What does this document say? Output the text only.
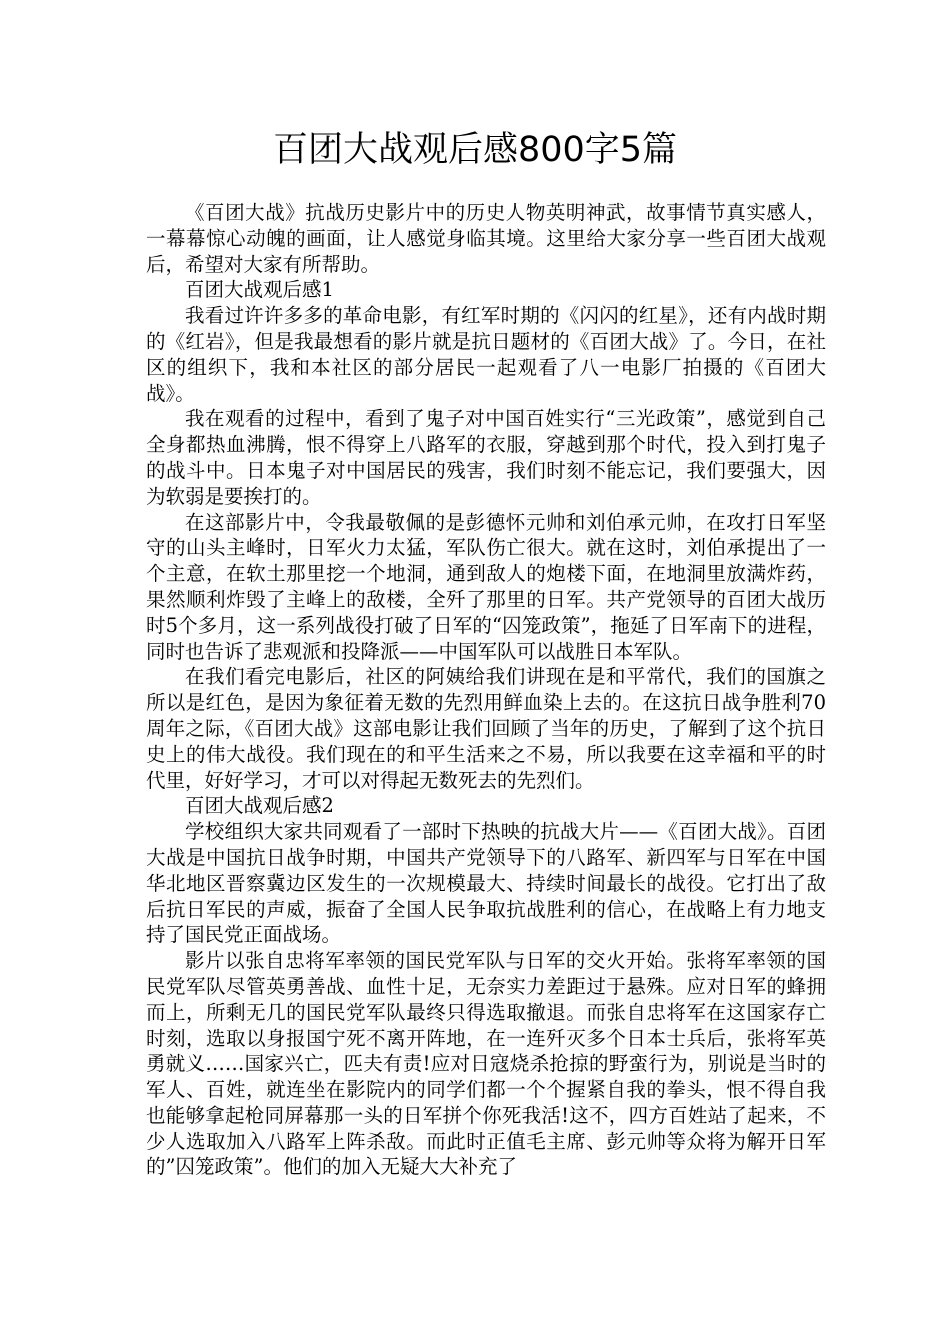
百团大战观后感800字5篇

《百团大战》抗战历史影片中的历史人物英明神武，故事情节真实感人，一幕幕惊心动魄的画面，让人感觉身临其境。这里给大家分享一些百团大战观后，希望对大家有所帮助。

百团大战观后感1

我看过许许多多的革命电影，有红军时期的《闪闪的红星》，还有内战时期的《红岩》，但是我最想看的影片就是抗日题材的《百团大战》了。今日，在社区的组织下，我和本社区的部分居民一起观看了八一电影厂拍摄的《百团大战》。

我在观看的过程中，看到了鬼子对中国百姓实行“三光政策”，感觉到自己全身都热血沸腾，恨不得穿上八路军的衣服，穿越到那个时代，投入到打鬼子的战斗中。日本鬼子对中国居民的残害，我们时刻不能忘记，我们要强大，因为软弱是要挨打的。

在这部影片中，令我最敬佩的是彭德怀元帅和刘伯承元帅，在攻打日军坚守的山头主峰时，日军火力太猛，军队伤亡很大。就在这时，刘伯承提出了一个主意，在软土那里挖一个地洞，通到敌人的炮楼下面，在地洞里放满炸药，果然顺利炸毁了主峰上的敌楼，全歼了那里的日军。共产党领导的百团大战历时5个多月，这一系列战役打破了日军的“囚笼政策”，拖延了日军南下的进程，同时也告诉了悲观派和投降派——中国军队可以战胜日本军队。

在我们看完电影后，社区的阿姨给我们讲现在是和平常代，我们的国旗之所以是红色，是因为象征着无数的先烈用鲜血染上去的。在这抗日战争胜利70周年之际，《百团大战》这部电影让我们回顾了当年的历史，了解到了这个抗日史上的伟大战役。我们现在的和平生活来之不易，所以我要在这幸福和平的时代里，好好学习，才可以对得起无数死去的先烈们。

百团大战观后感2

学校组织大家共同观看了一部时下热映的抗战大片——《百团大战》。百团大战是中国抗日战争时期，中国共产党领导下的八路军、新四军与日军在中国华北地区晋察冀边区发生的一次规模最大、持续时间最长的战役。它打出了敌后抗日军民的声威，振奋了全国人民争取抗战胜利的信心，在战略上有力地支持了国民党正面战场。

影片以张自忠将军率领的国民党军队与日军的交火开始。张将军率领的国民党军队尽管英勇善战、血性十足，无奈实力差距过于悬殊。应对日军的蜂拥而上，所剩无几的国民党军队最终只得选取撤退。而张自忠将军在这国家存亡时刻，选取以身报国宁死不离开阵地，在一连歼灭多个日本士兵后，张将军英勇就义……国家兴亡，匹夫有责!应对日寇烧杀抢掠的野蛮行为，别说是当时的军人、百姓，就连坐在影院内的同学们都一个个握紧自我的拳头，恨不得自我也能够拿起枪同屏幕那一头的日军拼个你死我活!这不，四方百姓站了起来，不少人选取加入八路军上阵杀敌。而此时正值毛主席、彭元帅等众将为解开日军的”囚笼政策”。他们的加入无疑大大补充了
